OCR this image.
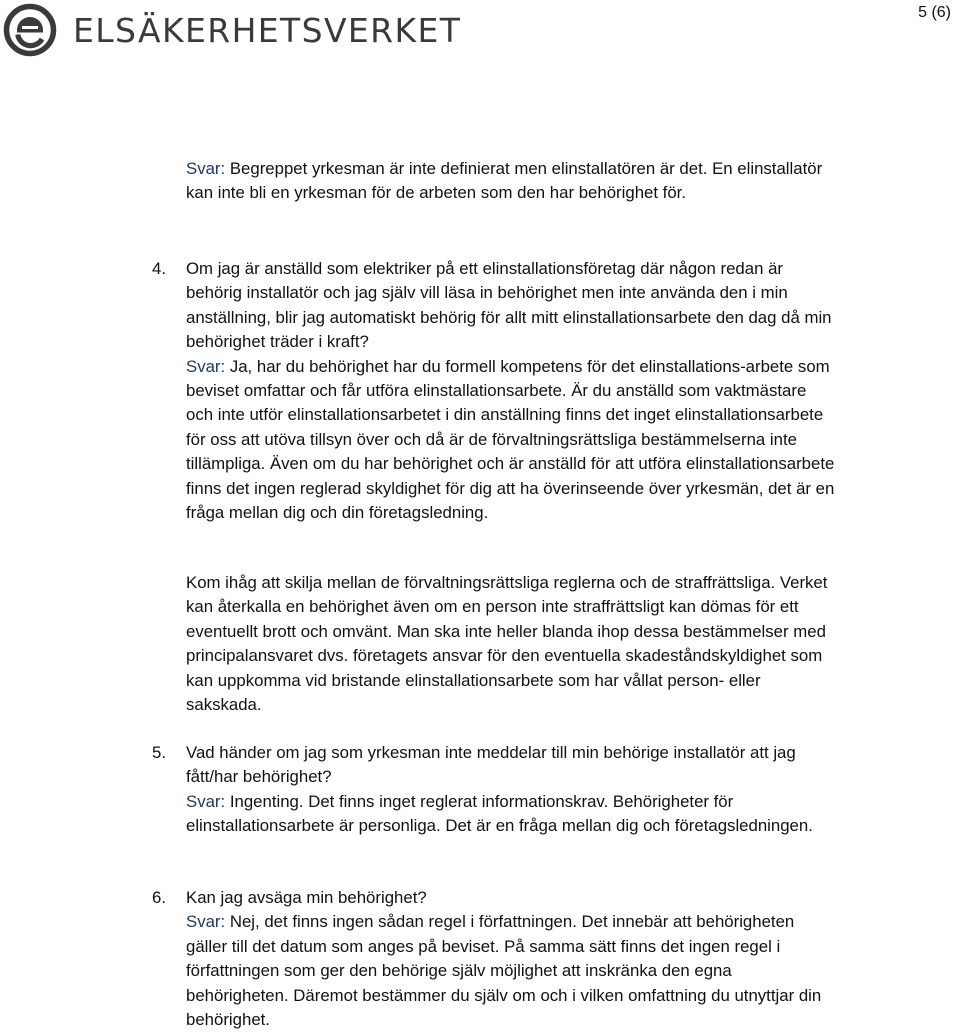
ELSÄKERHETSVERKET	5 (6)

Svar: Begreppet yrkesman är inte definierat men elinstallatören är det. En elinstallatör kan inte bli en yrkesman för de arbeten som den har behörighet för.

4. Om jag är anställd som elektriker på ett elinstallationsföretag där någon redan är behörig installatör och jag själv vill läsa in behörighet men inte använda den i min anställning, blir jag automatiskt behörig för allt mitt elinstallationsarbete den dag då min behörighet träder i kraft?
Svar: Ja, har du behörighet har du formell kompetens för det elinstallations-arbete som beviset omfattar och får utföra elinstallationsarbete. Är du anställd som vaktmästare och inte utför elinstallationsarbetet i din anställning finns det inget elinstallationsarbete för oss att utöva tillsyn över och då är de förvaltningsrättsliga bestämmelserna inte tillämpliga. Även om du har behörighet och är anställd för att utföra elinstallationsarbete finns det ingen reglerad skyldighet för dig att ha överinseende över yrkesmän, det är en fråga mellan dig och din företagsledning.

Kom ihåg att skilja mellan de förvaltningsrättsliga reglerna och de straffrättsliga. Verket kan återkalla en behörighet även om en person inte straffrättsligt kan dömas för ett eventuellt brott och omvänt. Man ska inte heller blanda ihop dessa bestämmelser med principalansvaret dvs. företagets ansvar för den eventuella skadeståndskyldighet som kan uppkomma vid bristande elinstallationsarbete som har vållat person- eller sakskada.

5. Vad händer om jag som yrkesman inte meddelar till min behörige installatör att jag fått/har behörighet?
Svar: Ingenting. Det finns inget reglerat informationskrav. Behörigheter för elinstallationsarbete är personliga. Det är en fråga mellan dig och företagsledningen.

6. Kan jag avsäga min behörighet?
Svar: Nej, det finns ingen sådan regel i författningen. Det innebär att behörigheten gäller till det datum som anges på beviset. På samma sätt finns det ingen regel i författningen som ger den behörige själv möjlighet att inskränka den egna behörigheten. Däremot bestämmer du själv om och i vilken omfattning du utnyttjar din behörighet.
